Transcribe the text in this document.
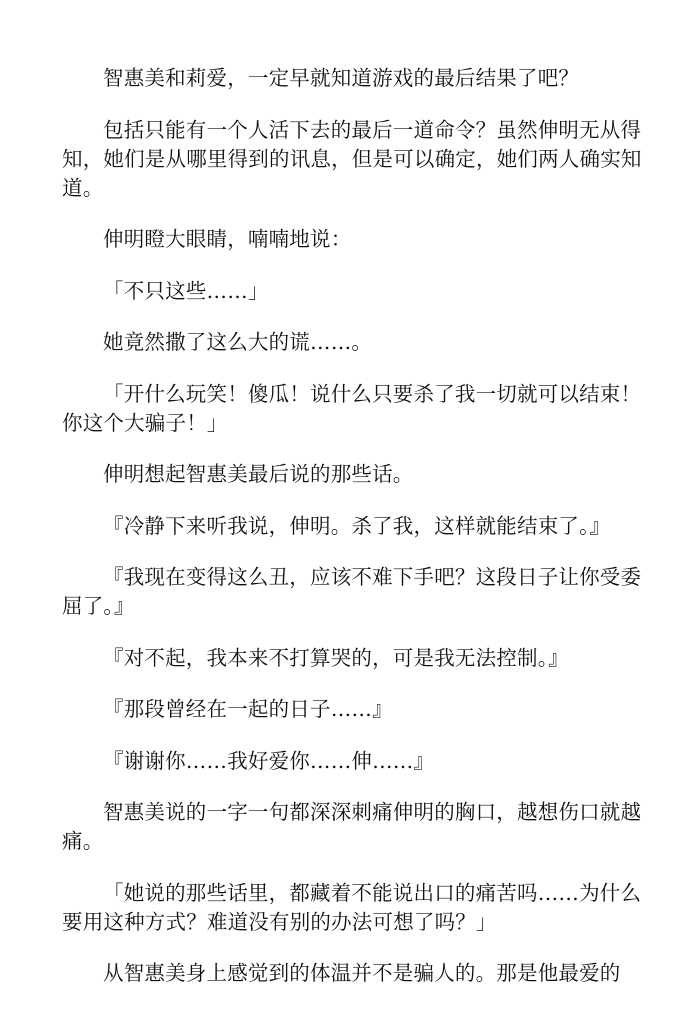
智惠美和莉爱，一定早就知道游戏的最后结果了吧？

包括只能有一个人活下去的最后一道命令？虽然伸明无从得知，她们是从哪里得到的讯息，但是可以确定，她们两人确实知道。

伸明瞪大眼睛，喃喃地说：

「不只这些……」

她竟然撒了这么大的谎……。

「开什么玩笑！傻瓜！说什么只要杀了我一切就可以结束！你这个大骗子！」

伸明想起智惠美最后说的那些话。

『冷静下来听我说，伸明。杀了我，这样就能结束了。』

『我现在变得这么丑，应该不难下手吧？这段日子让你受委屈了。』

『对不起，我本来不打算哭的，可是我无法控制。』

『那段曾经在一起的日子……』

『谢谢你……我好爱你……伸……』

智惠美说的一字一句都深深刺痛伸明的胸口，越想伤口就越痛。

「她说的那些话里，都藏着不能说出口的痛苦吗……为什么要用这种方式？难道没有别的办法可想了吗？」

从智惠美身上感觉到的体温并不是骗人的。那是他最爱的
